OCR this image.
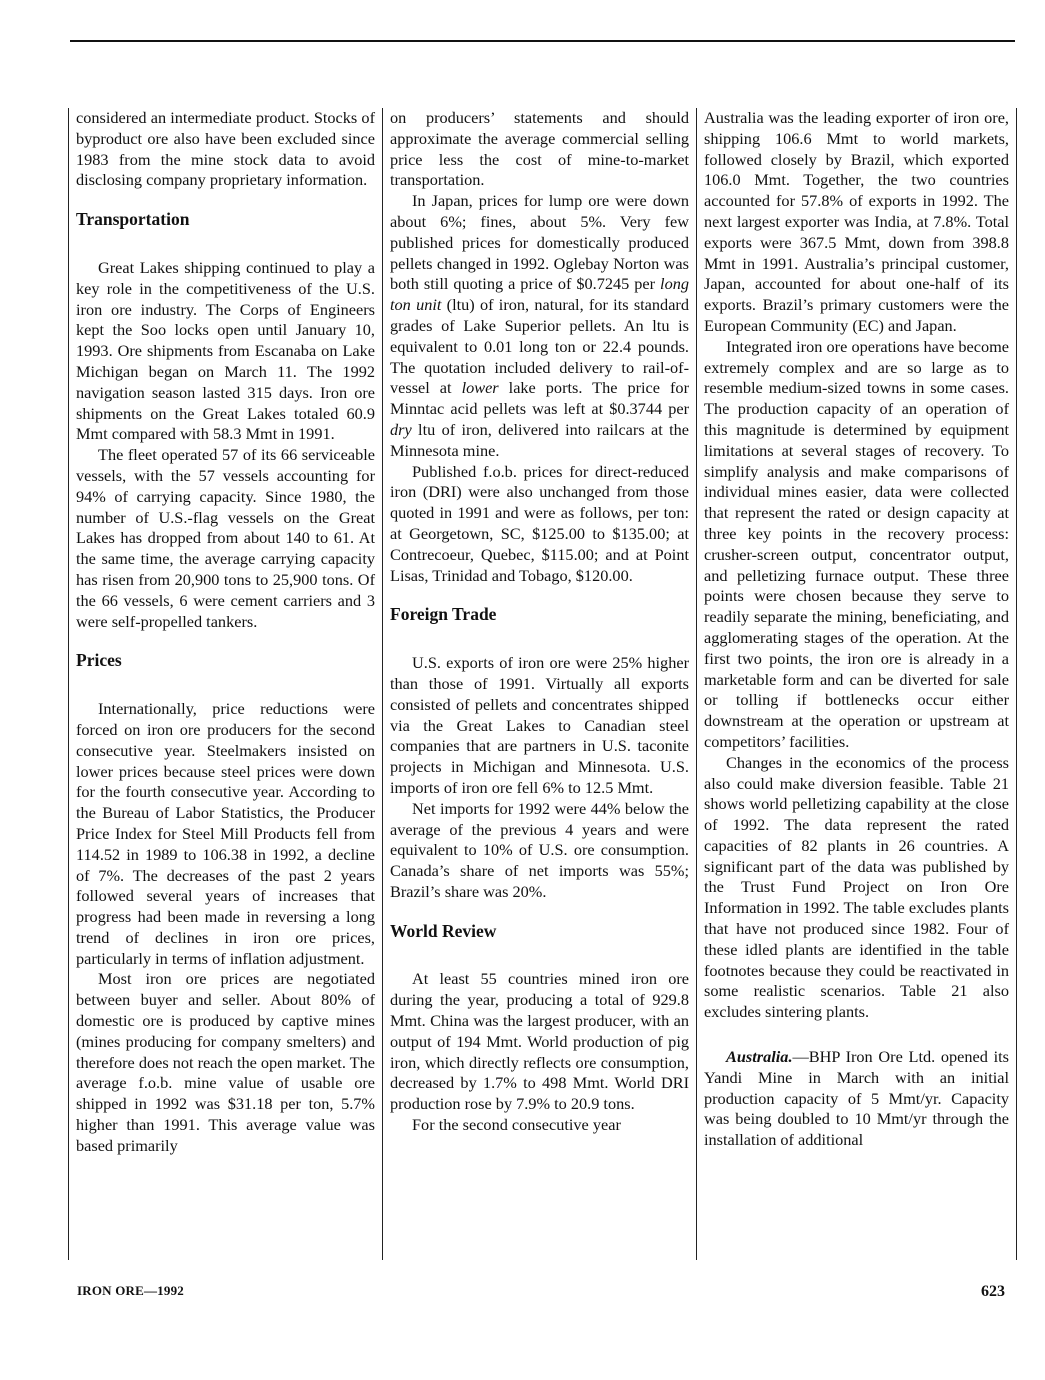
considered an intermediate product. Stocks of byproduct ore also have been excluded since 1983 from the mine stock data to avoid disclosing company proprietary information.

Transportation

Great Lakes shipping continued to play a key role in the competitiveness of the U.S. iron ore industry. The Corps of Engineers kept the Soo locks open until January 10, 1993. Ore shipments from Escanaba on Lake Michigan began on March 11. The 1992 navigation season lasted 315 days. Iron ore shipments on the Great Lakes totaled 60.9 Mmt compared with 58.3 Mmt in 1991.

The fleet operated 57 of its 66 serviceable vessels, with the 57 vessels accounting for 94% of carrying capacity. Since 1980, the number of U.S.-flag vessels on the Great Lakes has dropped from about 140 to 61. At the same time, the average carrying capacity has risen from 20,900 tons to 25,900 tons. Of the 66 vessels, 6 were cement carriers and 3 were self-propelled tankers.

Prices

Internationally, price reductions were forced on iron ore producers for the second consecutive year. Steelmakers insisted on lower prices because steel prices were down for the fourth consecutive year. According to the Bureau of Labor Statistics, the Producer Price Index for Steel Mill Products fell from 114.52 in 1989 to 106.38 in 1992, a decline of 7%. The decreases of the past 2 years followed several years of increases that progress had been made in reversing a long trend of declines in iron ore prices, particularly in terms of inflation adjustment.

Most iron ore prices are negotiated between buyer and seller. About 80% of domestic ore is produced by captive mines (mines producing for company smelters) and therefore does not reach the open market. The average f.o.b. mine value of usable ore shipped in 1992 was $31.18 per ton, 5.7% higher than 1991. This average value was based primarily

on producers’ statements and should approximate the average commercial selling price less the cost of mine-to-market transportation.

In Japan, prices for lump ore were down about 6%; fines, about 5%. Very few published prices for domestically produced pellets changed in 1992. Oglebay Norton was both still quoting a price of $0.7245 per long ton unit (ltu) of iron, natural, for its standard grades of Lake Superior pellets. An ltu is equivalent to 0.01 long ton or 22.4 pounds. The quotation included delivery to rail-of-vessel at lower lake ports. The price for Minntac acid pellets was left at $0.3744 per dry ltu of iron, delivered into railcars at the Minnesota mine.

Published f.o.b. prices for direct-reduced iron (DRI) were also unchanged from those quoted in 1991 and were as follows, per ton: at Georgetown, SC, $125.00 to $135.00; at Contrecoeur, Quebec, $115.00; and at Point Lisas, Trinidad and Tobago, $120.00.

Foreign Trade

U.S. exports of iron ore were 25% higher than those of 1991. Virtually all exports consisted of pellets and concentrates shipped via the Great Lakes to Canadian steel companies that are partners in U.S. taconite projects in Michigan and Minnesota. U.S. imports of iron ore fell 6% to 12.5 Mmt.

Net imports for 1992 were 44% below the average of the previous 4 years and were equivalent to 10% of U.S. ore consumption. Canada’s share of net imports was 55%; Brazil’s share was 20%.

World Review

At least 55 countries mined iron ore during the year, producing a total of 929.8 Mmt. China was the largest producer, with an output of 194 Mmt. World production of pig iron, which directly reflects ore consumption, decreased by 1.7% to 498 Mmt. World DRI production rose by 7.9% to 20.9 tons.

For the second consecutive year

Australia was the leading exporter of iron ore, shipping 106.6 Mmt to world markets, followed closely by Brazil, which exported 106.0 Mmt. Together, the two countries accounted for 57.8% of exports in 1992. The next largest exporter was India, at 7.8%. Total exports were 367.5 Mmt, down from 398.8 Mmt in 1991. Australia’s principal customer, Japan, accounted for about one-half of its exports. Brazil’s primary customers were the European Community (EC) and Japan.

Integrated iron ore operations have become extremely complex and are so large as to resemble medium-sized towns in some cases. The production capacity of an operation of this magnitude is determined by equipment limitations at several stages of recovery. To simplify analysis and make comparisons of individual mines easier, data were collected that represent the rated or design capacity at three key points in the recovery process: crusher-screen output, concentrator output, and pelletizing furnace output. These three points were chosen because they serve to readily separate the mining, beneficiating, and agglomerating stages of the operation. At the first two points, the iron ore is already in a marketable form and can be diverted for sale or tolling if bottlenecks occur either downstream at the operation or upstream at competitors’ facilities.

Changes in the economics of the process also could make diversion feasible. Table 21 shows world pelletizing capability at the close of 1992. The data represent the rated capacities of 82 plants in 26 countries. A significant part of the data was published by the Trust Fund Project on Iron Ore Information in 1992. The table excludes plants that have not produced since 1982. Four of these idled plants are identified in the table footnotes because they could be reactivated in some realistic scenarios. Table 21 also excludes sintering plants.

Australia.—BHP Iron Ore Ltd. opened its Yandi Mine in March with an initial production capacity of 5 Mmt/yr. Capacity was being doubled to 10 Mmt/yr through the installation of additional

IRON ORE—1992	623
